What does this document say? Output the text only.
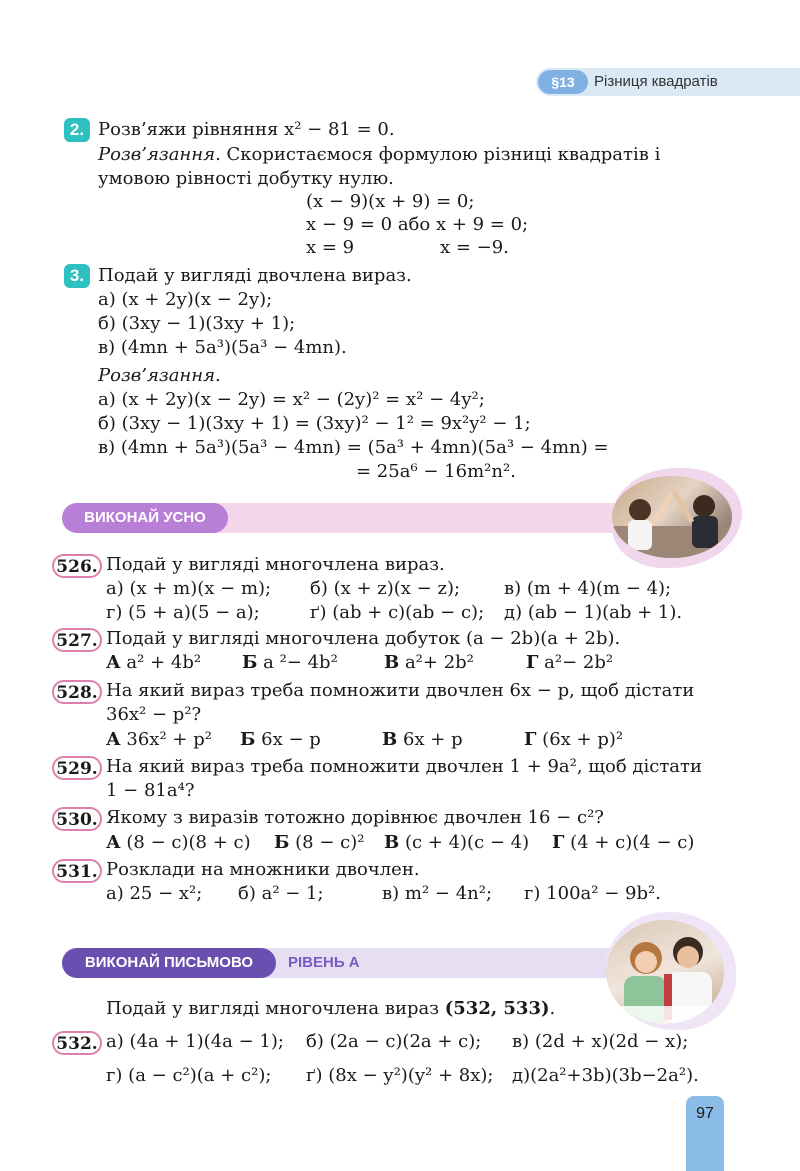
§13	Різниця квадратів
2. Розв’яжи рівняння x² − 81 = 0.
Розв’язання. Скористаємося формулою різниці квадратів і
умовою рівності добутку нулю.
(x − 9)(x + 9) = 0;
x − 9 = 0 або x + 9 = 0;
x = 9	x = −9.
3. Подай у вигляді двочлена вираз.
а) (x + 2y)(x − 2y);
б) (3xy − 1)(3xy + 1);
в) (4mn + 5a³)(5a³ − 4mn).
Розв’язання.
а) (x + 2y)(x − 2y) = x² − (2y)² = x² − 4y²;
б) (3xy − 1)(3xy + 1) = (3xy)² − 1² = 9x²y² − 1;
в) (4mn + 5a³)(5a³ − 4mn) = (5a³ + 4mn)(5a³ − 4mn) =
= 25a⁶ − 16m²n².
ВИКОНАЙ УСНО
526. Подай у вигляді многочлена вираз.
а) (x + m)(x − m); б) (x + z)(x − z); в) (m + 4)(m − 4);
г) (5 + a)(5 − a);	ґ) (ab + c)(ab − c); д) (ab − 1)(ab + 1).
527. Подай у вигляді многочлена добуток (a − 2b)(a + 2b).
А a² + 4b² Б a ²− 4b²	В a²+ 2b²	Г a²− 2b²
528. На який вираз треба помножити двочлен 6x − p, щоб дістати
36x² − p²?
А 36x² + p² Б 6x − p	В 6x + p	Г (6x + p)²
529. На який вираз треба помножити двочлен 1 + 9a², щоб дістати
1 − 81a⁴?
530. Якому з виразів тотожно дорівнює двочлен 16 − c²?
А (8 − c)(8 + c) Б (8 − c)² В (c + 4)(c − 4) Г (4 + c)(4 − c)
531. Розклади на множники двочлен.
а) 25 − x²; б) a² − 1;	в) m² − 4n²; г) 100a² − 9b².
ВИКОНАЙ ПИСЬМОВО	РІВЕНЬ А
Подай у вигляді многочлена вираз (532, 533).
532. а) (4a + 1)(4a − 1); б) (2a − c)(2a + c); в) (2d + x)(2d − x);
г) (a − c²)(a + c²); ґ) (8x − y²)(y² + 8x); д)(2a²+3b)(3b−2a²).
97
